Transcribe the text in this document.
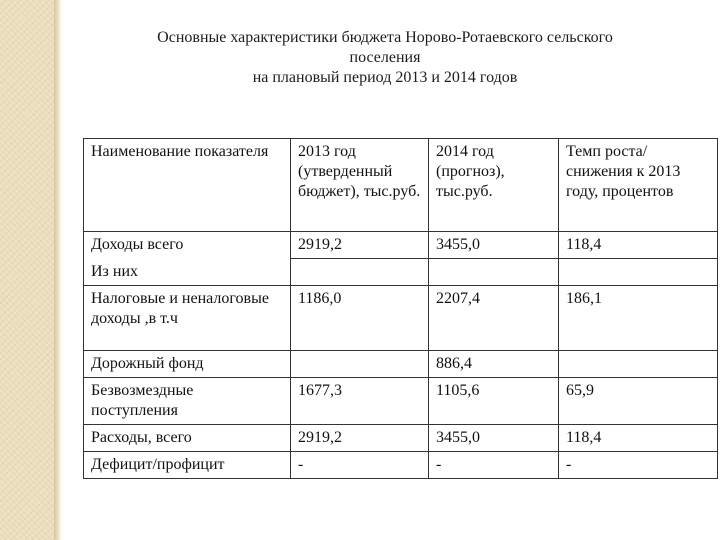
Основные характеристики бюджета Норово-Ротаевского сельского
поселения
на плановый период 2013 и 2014 годов
Наименование показателя	2013 год (утверденный бюджет), тыс.руб.	2014 год (прогноз), тыс.руб.	Темп роста/снижения к 2013 году, процентов
Доходы всего	2919,2	3455,0	118,4
Из них			
Налоговые и неналоговые доходы ,в т.ч	1186,0	2207,4	186,1
Дорожный фонд		886,4	
Безвозмездные поступления	1677,3	1105,6	65,9
Расходы, всего	2919,2	3455,0	118,4
Дефицит/профицит	-	-	-
